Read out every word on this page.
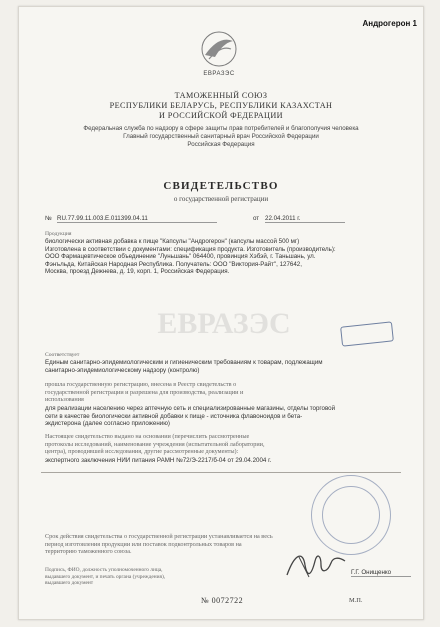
Андрогерон 1
ЕВРАЗЭС
ТАМОЖЕННЫЙ СОЮЗ
РЕСПУБЛИКИ БЕЛАРУСЬ, РЕСПУБЛИКИ КАЗАХСТАН
И РОССИЙСКОЙ ФЕДЕРАЦИИ
Федеральная служба по надзору в сфере защиты прав потребителей и благополучия человека
Главный государственный санитарный врач Российской Федерации
Российская Федерация
СВИДЕТЕЛЬСТВО
о государственной регистрации
№ RU.77.99.11.003.Е.011399.04.11	от 22.04.2011 г.
Продукция
биологически активная добавка к пище "Капсулы "Андрогерон" (капсулы массой 500 мг)
Изготовлена в соответствии с документами: спецификация продукта. Изготовитель (производитель):
ООО Фармацевтическое объединение "Луньшань" 064400, провинция Хэбэй, г. Таньшань, ул.
Фэнъльда, Китайская Народная Республика. Получатель: ООО "Виктория-Райт", 127642,
Москва, проезд Дежнева, д. 19, корп. 1, Российская Федерация.
ЕВРАЗЭС
Соответствует
Единым санитарно-эпидемиологическим и гигиеническим требованиям к товарам, подлежащим
санитарно-эпидемиологическому надзору (контролю)
прошла государственную регистрацию, внесена в Реестр свидетельств о
государственной регистрации и разрешена для производства, реализации и
использования
для реализации населению через аптечную сеть и специализированные магазины, отделы торговой
сети в качестве биологически активной добавки к пище - источника флавоноидов и бета-
экдистерона (далее согласно приложению)
Настоящее свидетельство выдано на основании (перечислить рассмотренные
протоколы исследований, наименование учреждения (испытательной лаборатории,
центра), проводившей исследования, другие рассмотренные документы):
экспертного заключения НИИ питания РАМН №72/Э-2217/б-04 от 29.04.2004 г.
Срок действия свидетельства о государственной регистрации устанавливается на весь
период изготовления продукции или поставок подконтрольных товаров на
территорию таможенного союза.
Подпись, ФИО, должность уполномоченного лица,
выдавшего документ, и печать органа (учреждения),
выдавшего документ
Г.Г. Онищенко
№ 0072722	М.П.
